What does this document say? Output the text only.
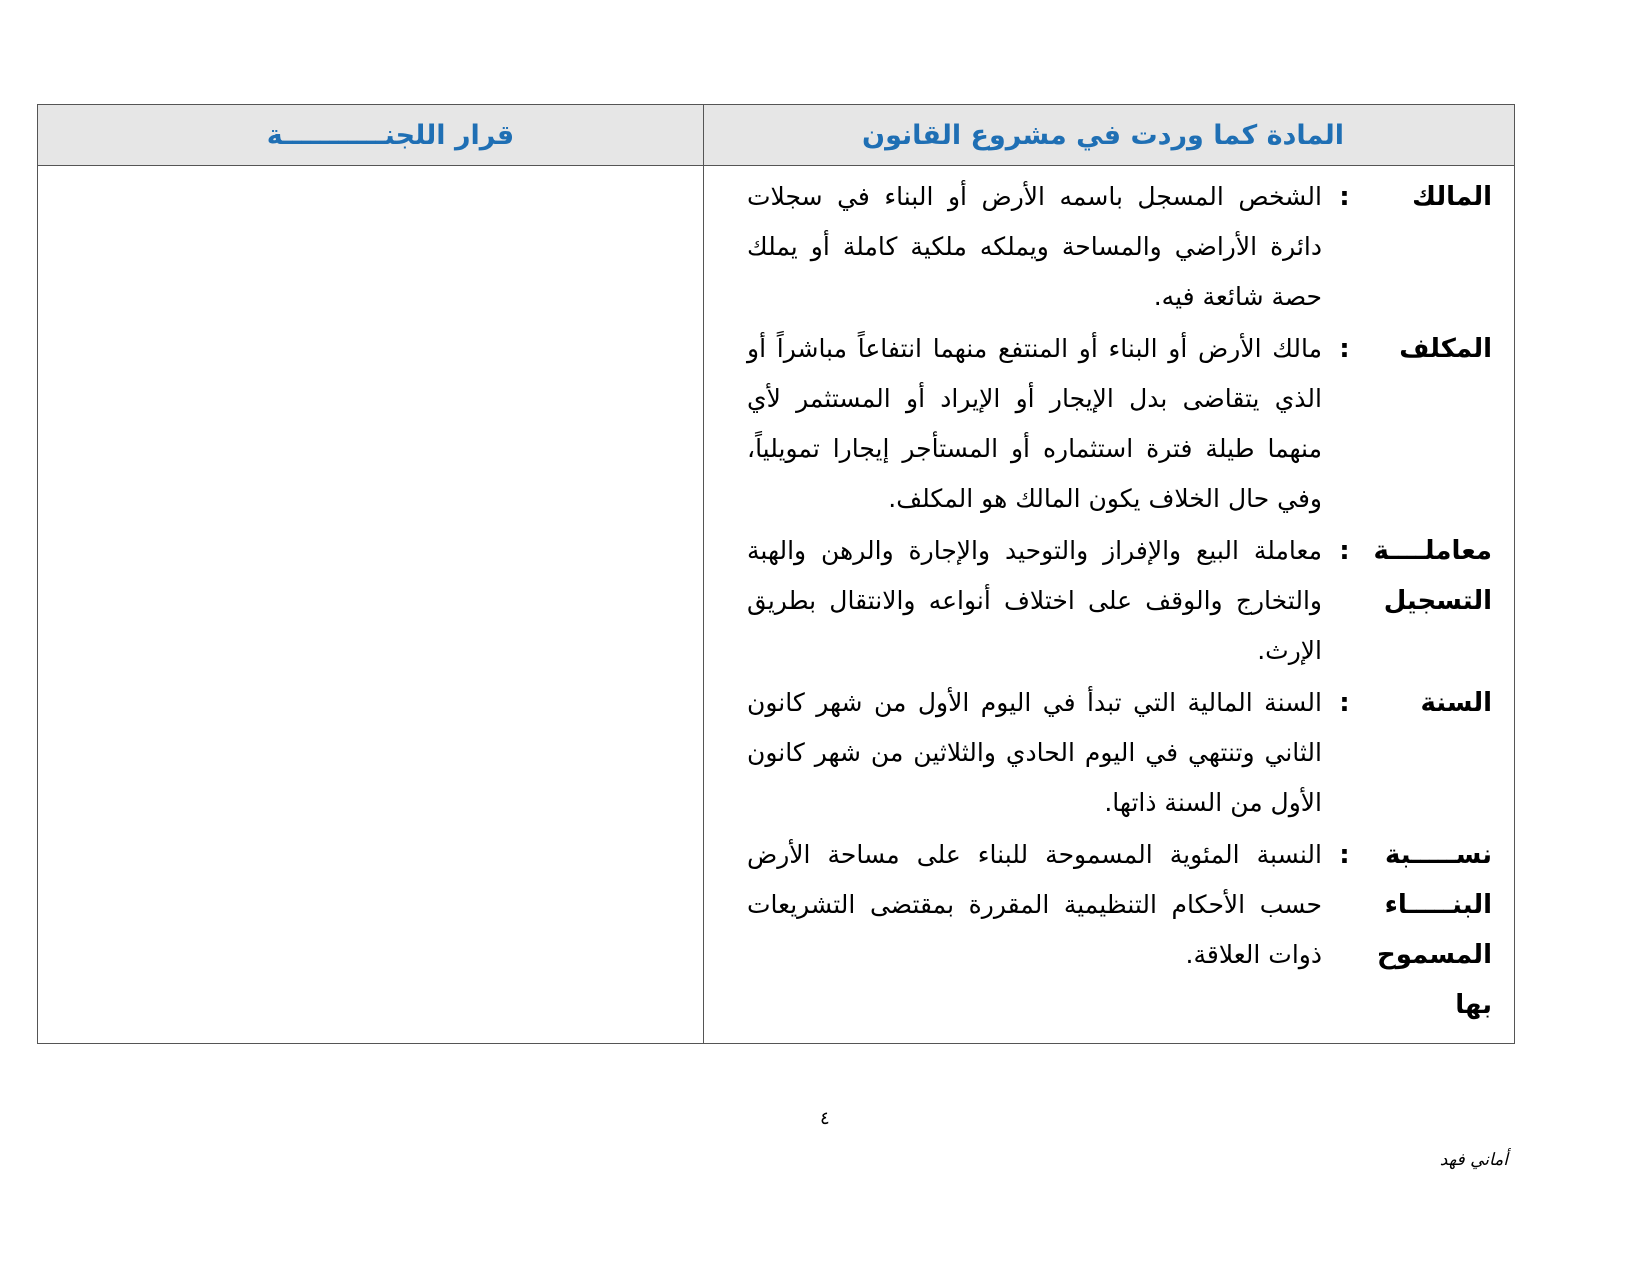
المادة كما وردت في مشروع القانون
المالك
:
الشخص المسجل باسمه الأرض أو البناء في سجلات دائرة الأراضي والمساحة ويملكه ملكية كاملة أو يملك حصة شائعة فيه.
المكلف
:
مالك الأرض أو البناء أو المنتفع منهما انتفاعاً مباشراً أو الذي يتقاضى بدل الإيجار أو الإيراد أو المستثمر لأي منهما طيلة فترة استثماره أو المستأجر إيجارا تمويلياً، وفي حال الخلاف يكون المالك هو المكلف.
معاملــــة
التسجيل
:
معاملة البيع والإفراز والتوحيد والإجارة والرهن والهبة والتخارج والوقف على اختلاف أنواعه والانتقال بطريق الإرث.
السنة
:
السنة المالية التي تبدأ في اليوم الأول من شهر كانون الثاني وتنتهي في اليوم الحادي والثلاثين من شهر كانون الأول من السنة ذاتها.
نســـــبة
البنـــــاء
المسموح
بها
:
النسبة المئوية المسموحة للبناء على مساحة الأرض حسب الأحكام التنظيمية المقررة بمقتضى التشريعات ذوات العلاقة.
قرار اللجنـــــــــــة
٤
أماني فهد
